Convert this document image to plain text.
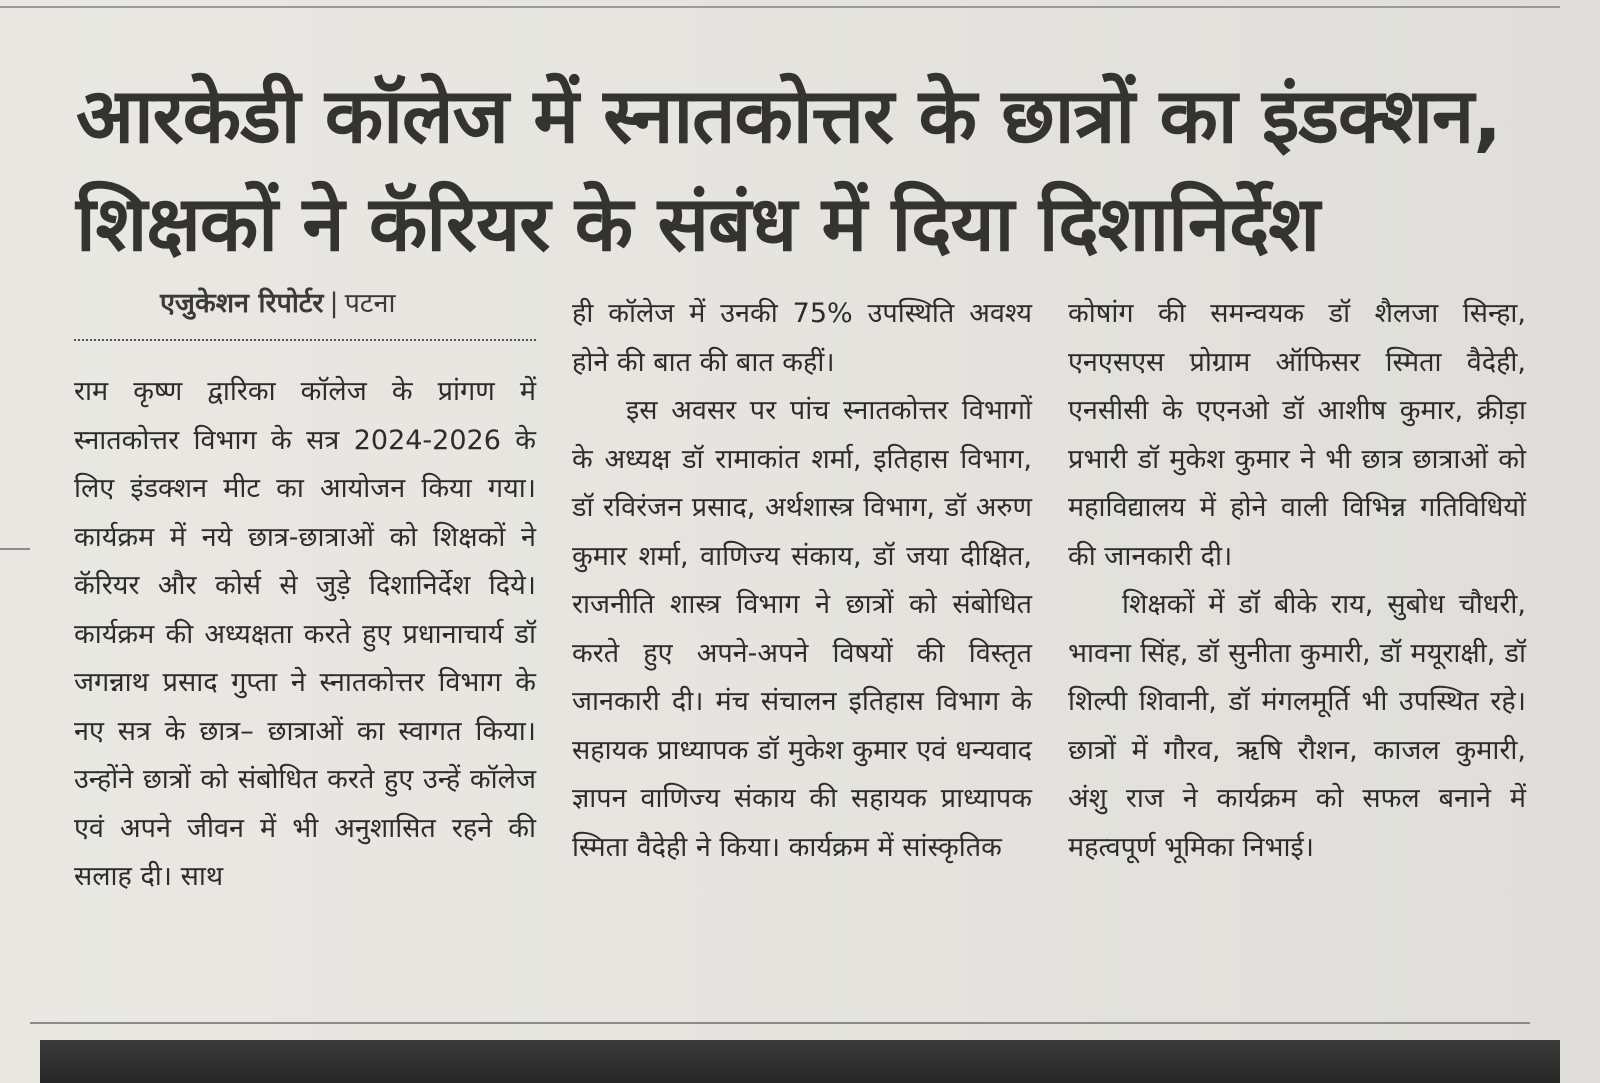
आरकेडी कॉलेज में स्नातकोत्तर के छात्रों का इंडक्शन,
शिक्षकों ने कॅरियर के संबंध में दिया दिशानिर्देश
एजुकेशन रिपोर्टर | पटना

राम कृष्ण द्वारिका कॉलेज के प्रांगण में स्नातकोत्तर विभाग के सत्र 2024-2026 के लिए इंडक्शन मीट का आयोजन किया गया। कार्यक्रम में नये छात्र-छात्राओं को शिक्षकों ने कॅरियर और कोर्स से जुड़े दिशानिर्देश दिये। कार्यक्रम की अध्यक्षता करते हुए प्रधानाचार्य डॉ जगन्नाथ प्रसाद गुप्ता ने स्नातकोत्तर विभाग के नए सत्र के छात्र– छात्राओं का स्वागत किया। उन्होंने छात्रों को संबोधित करते हुए उन्हें कॉलेज एवं अपने जीवन में भी अनुशासित रहने की सलाह दी। साथ

ही कॉलेज में उनकी 75% उपस्थिति अवश्य होने की बात की बात कहीं।

इस अवसर पर पांच स्नातकोत्तर विभागों के अध्यक्ष डॉ रामाकांत शर्मा, इतिहास विभाग, डॉ रविरंजन प्रसाद, अर्थशास्त्र विभाग, डॉ अरुण कुमार शर्मा, वाणिज्य संकाय, डॉ जया दीक्षित, राजनीति शास्त्र विभाग ने छात्रों को संबोधित करते हुए अपने-अपने विषयों की विस्तृत जानकारी दी। मंच संचालन इतिहास विभाग के सहायक प्राध्यापक डॉ मुकेश कुमार एवं धन्यवाद ज्ञापन वाणिज्य संकाय की सहायक प्राध्यापक स्मिता वैदेही ने किया। कार्यक्रम में सांस्कृतिक

कोषांग की समन्वयक डॉ शैलजा सिन्हा, एनएसएस प्रोग्राम ऑफिसर स्मिता वैदेही, एनसीसी के एएनओ डॉ आशीष कुमार, क्रीड़ा प्रभारी डॉ मुकेश कुमार ने भी छात्र छात्राओं को महाविद्यालय में होने वाली विभिन्न गतिविधियों की जानकारी दी।

शिक्षकों में डॉ बीके राय, सुबोध चौधरी, भावना सिंह, डॉ सुनीता कुमारी, डॉ मयूराक्षी, डॉ शिल्पी शिवानी, डॉ मंगलमूर्ति भी उपस्थित रहे। छात्रों में गौरव, ऋषि रौशन, काजल कुमारी, अंशु राज ने कार्यक्रम को सफल बनाने में महत्वपूर्ण भूमिका निभाई।
